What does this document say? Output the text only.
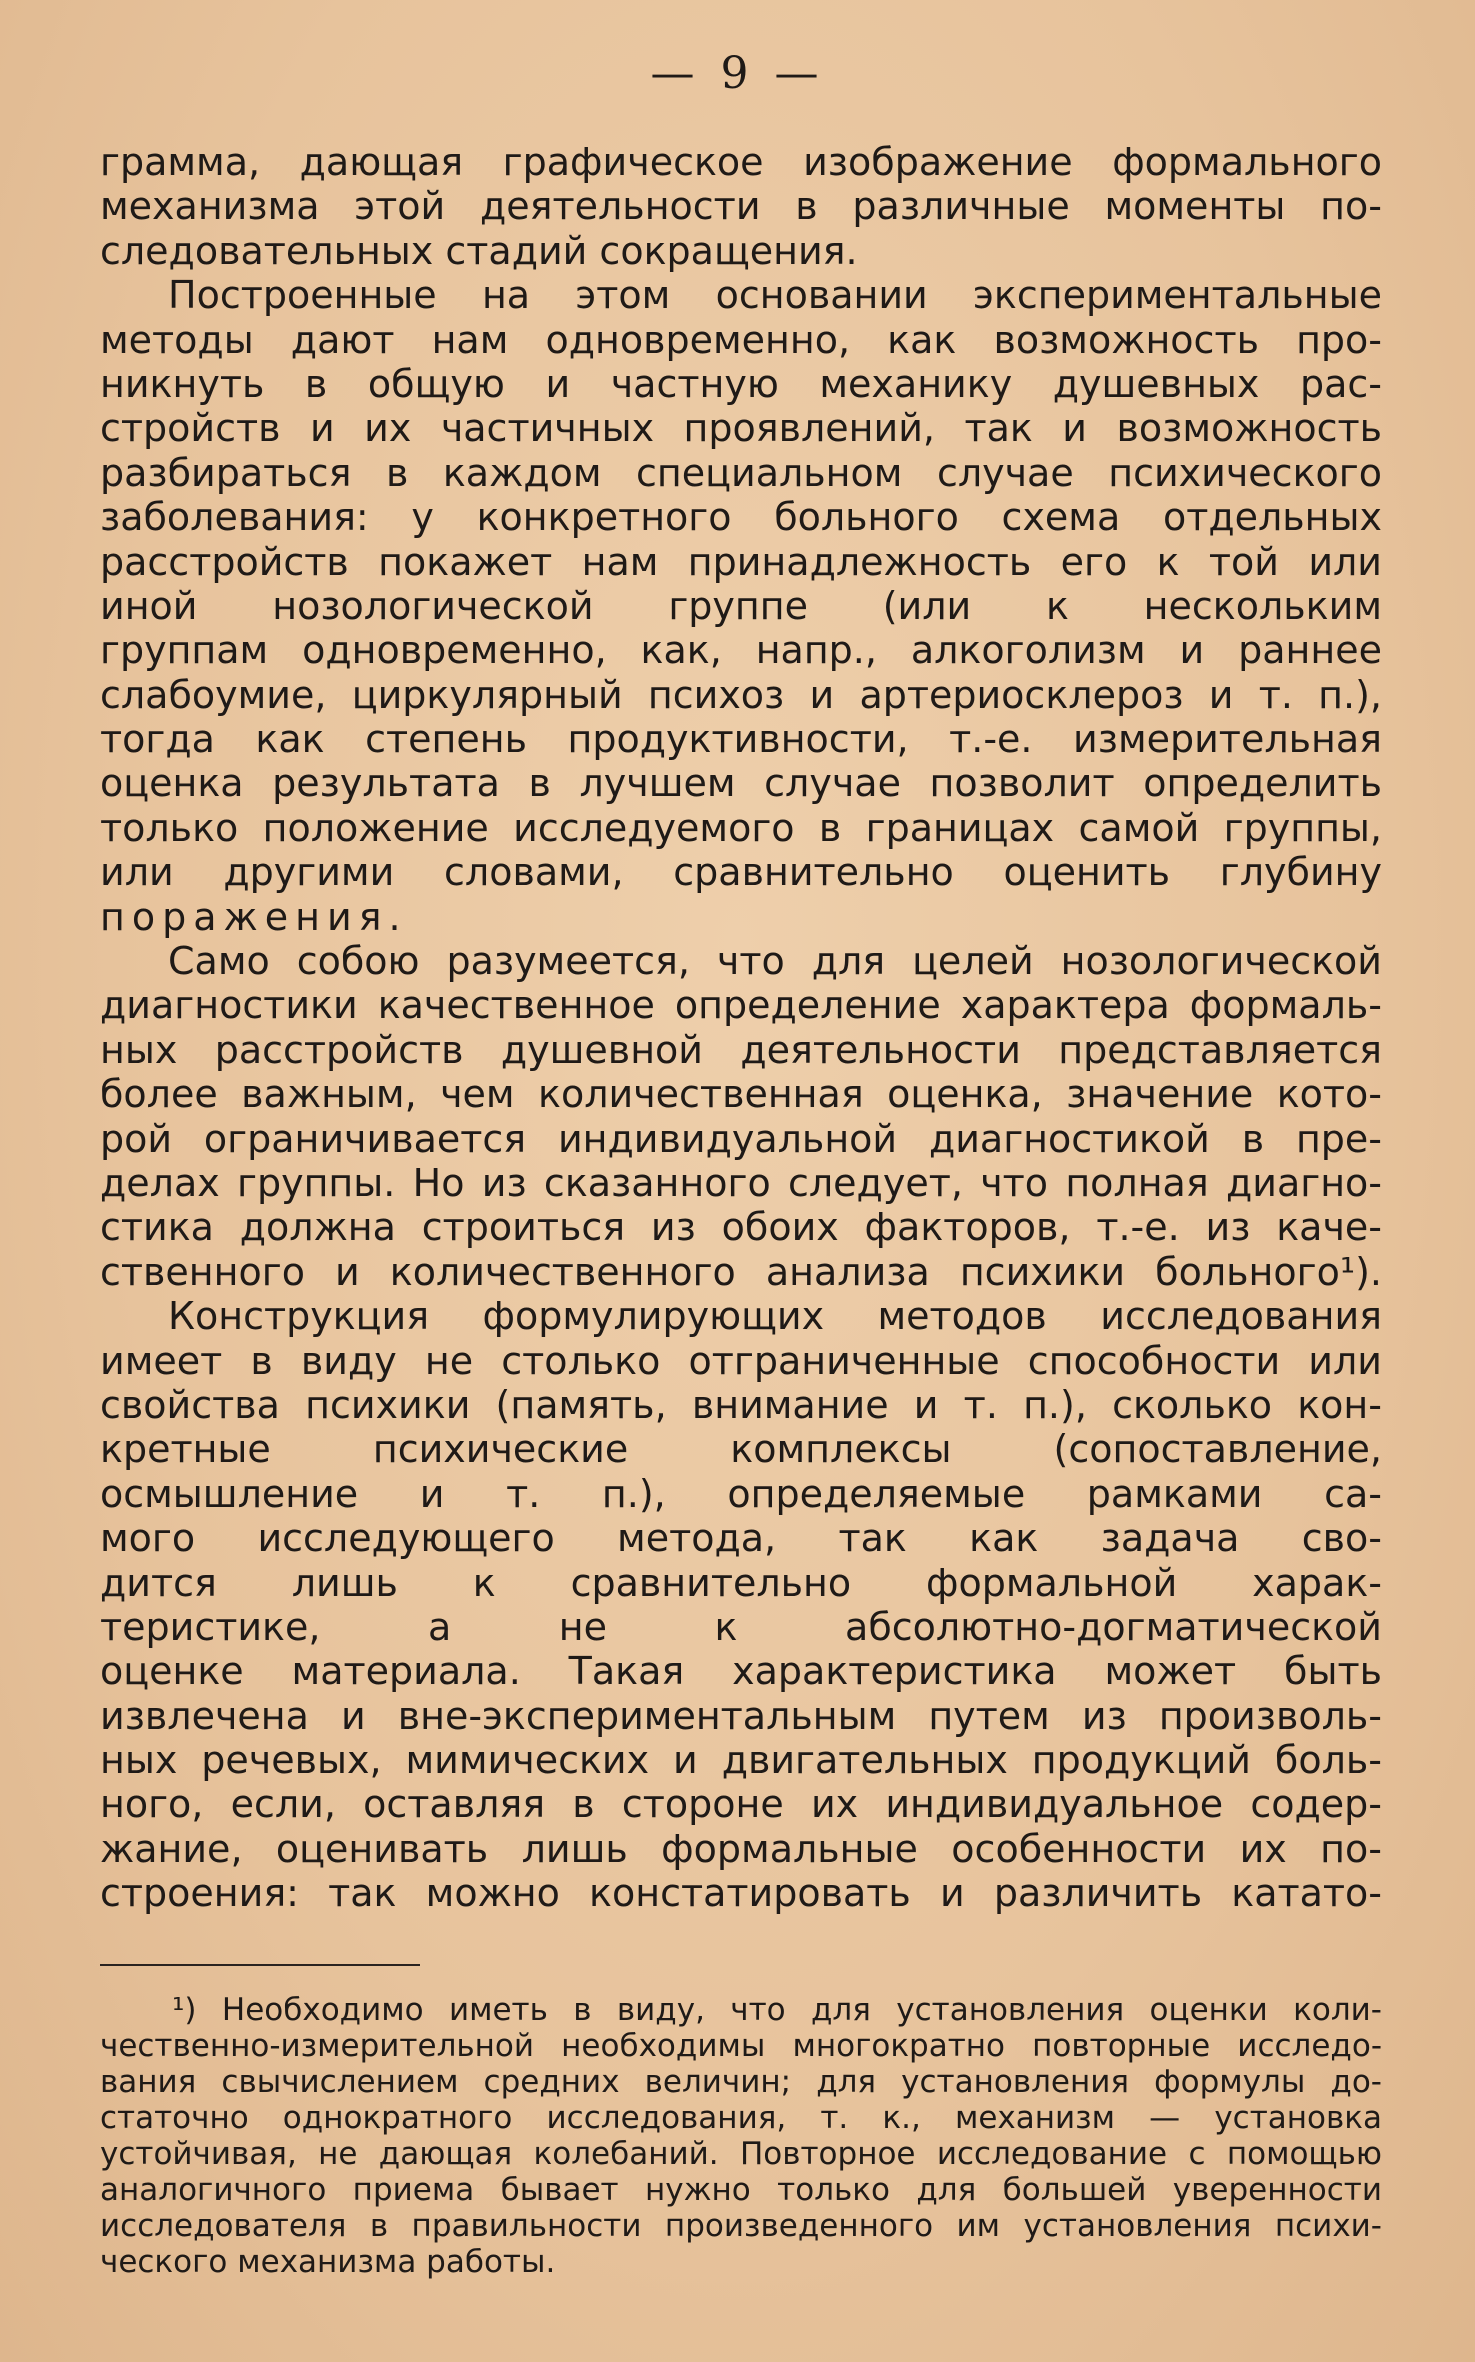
— 9 —
грамма, дающая графическое изображение формального
механизма этой деятельности в различные моменты по-
следовательных стадий сокращения.
Построенные на этом основании экспериментальные
методы дают нам одновременно, как возможность про-
никнуть в общую и частную механику душевных рас-
стройств и их частичных проявлений, так и возможность
разбираться в каждом специальном случае психического
заболевания: у конкретного больного схема отдельных
расстройств покажет нам принадлежность его к той или
иной нозологической группе (или к нескольким
группам одновременно, как, напр., алкоголизм и раннее
слабоумие, циркулярный психоз и артериосклероз и т. п.),
тогда как степень продуктивности, т.-е. измерительная
оценка результата в лучшем случае позволит определить
только положение исследуемого в границах самой группы,
или другими словами, сравнительно оценить глубину
поражения.
Само собою разумеется, что для целей нозологической
диагностики качественное определение характера формаль-
ных расстройств душевной деятельности представляется
более важным, чем количественная оценка, значение кото-
рой ограничивается индивидуальной диагностикой в пре-
делах группы. Но из сказанного следует, что полная диагно-
стика должна строиться из обоих факторов, т.-е. из каче-
ственного и количественного анализа психики больного¹).
Конструкция формулирующих методов исследования
имеет в виду не столько отграниченные способности или
свойства психики (память, внимание и т. п.), сколько кон-
кретные психические комплексы (сопоставление,
осмышление и т. п.), определяемые рамками са-
мого исследующего метода, так как задача сво-
дится лишь к сравнительно формальной харак-
теристике, а не к абсолютно-догматической
оценке материала. Такая характеристика может быть
извлечена и вне-экспериментальным путем из произволь-
ных речевых, мимических и двигательных продукций боль-
ного, если, оставляя в стороне их индивидуальное содер-
жание, оценивать лишь формальные особенности их по-
строения: так можно констатировать и различить катато-
¹) Необходимо иметь в виду, что для установления оценки коли-
чественно-измерительной необходимы многократно повторные исследо-
вания свычислением средних величин; для установления формулы до-
статочно однократного исследования, т. к., механизм — установка
устойчивая, не дающая колебаний. Повторное исследование с помощью
аналогичного приема бывает нужно только для большей уверенности
исследователя в правильности произведенного им установления психи-
ческого механизма работы.
